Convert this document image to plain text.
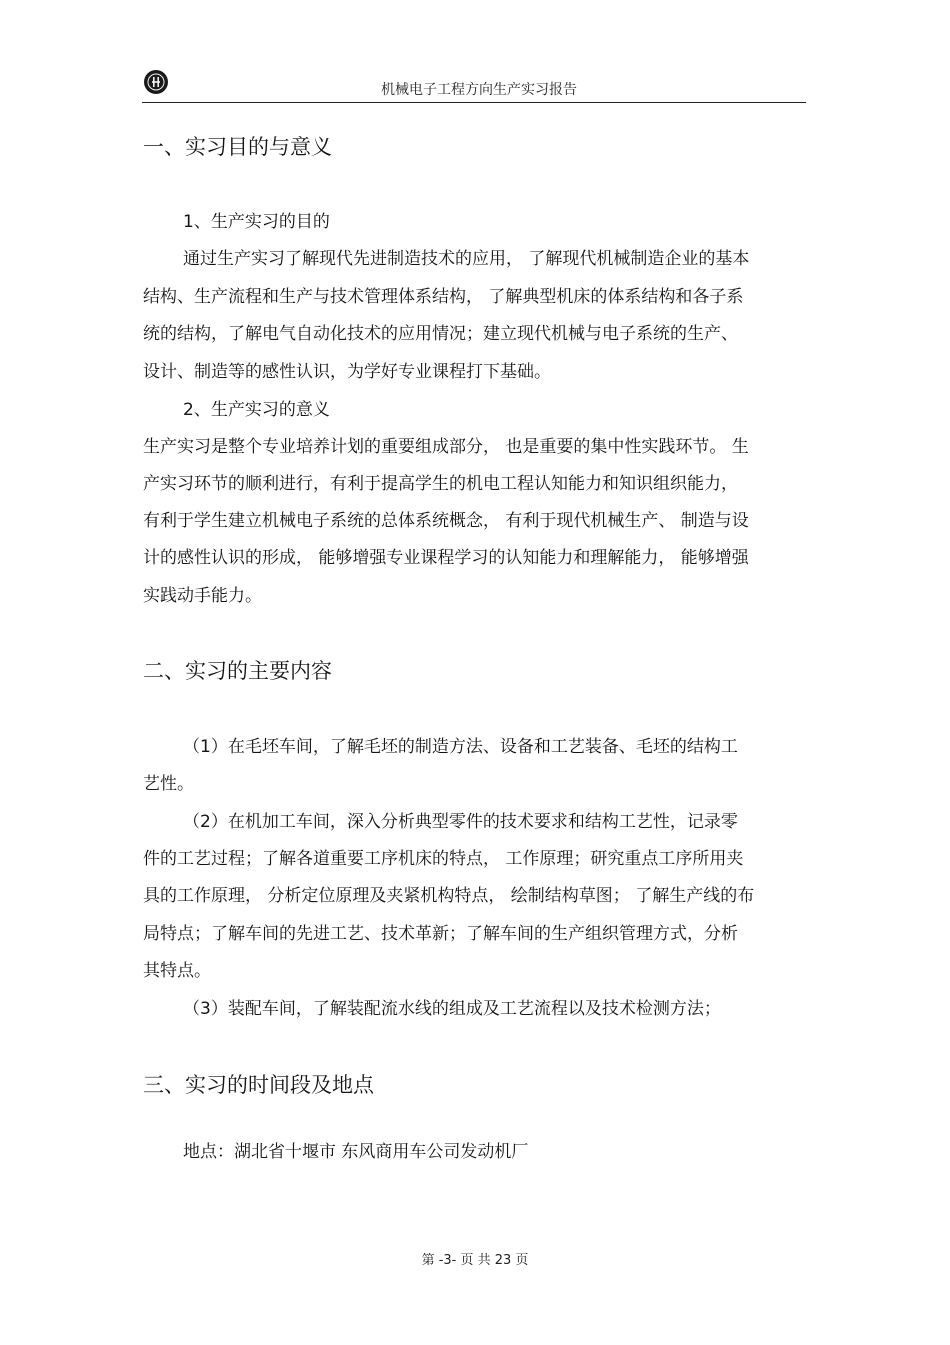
机械电子工程方向生产实习报告
一、实习目的与意义
1、生产实习的目的
通过生产实习了解现代先进制造技术的应用， 了解现代机械制造企业的基本
结构、生产流程和生产与技术管理体系结构， 了解典型机床的体系结构和各子系
统的结构，了解电气自动化技术的应用情况；建立现代机械与电子系统的生产、
设计、制造等的感性认识，为学好专业课程打下基础。
2、生产实习的意义
生产实习是整个专业培养计划的重要组成部分， 也是重要的集中性实践环节。 生
产实习环节的顺利进行，有利于提高学生的机电工程认知能力和知识组织能力，
有利于学生建立机械电子系统的总体系统概念， 有利于现代机械生产、 制造与设
计的感性认识的形成， 能够增强专业课程学习的认知能力和理解能力， 能够增强
实践动手能力。
二、实习的主要内容
（1）在毛坯车间，了解毛坯的制造方法、设备和工艺装备、毛坯的结构工
艺性。
（2）在机加工车间，深入分析典型零件的技术要求和结构工艺性，记录零
件的工艺过程；了解各道重要工序机床的特点， 工作原理；研究重点工序所用夹
具的工作原理， 分析定位原理及夹紧机构特点， 绘制结构草图； 了解生产线的布
局特点；了解车间的先进工艺、技术革新；了解车间的生产组织管理方式，分析
其特点。
（3）装配车间，了解装配流水线的组成及工艺流程以及技术检测方法；
三、实习的时间段及地点
地点：湖北省十堰市 东风商用车公司发动机厂
第 -3- 页 共 23 页
